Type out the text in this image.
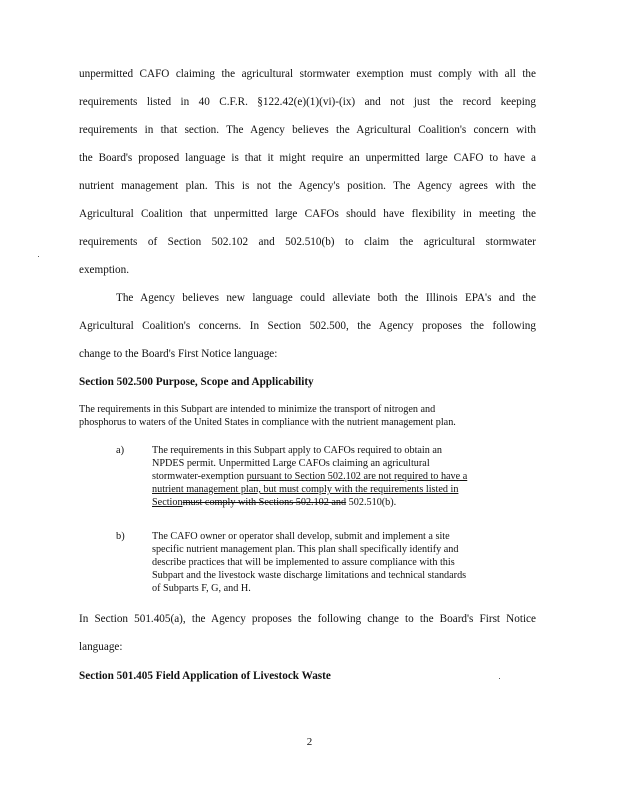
unpermitted CAFO claiming the agricultural stormwater exemption must comply with all the
requirements listed in 40 C.F.R. §122.42(e)(1)(vi)-(ix) and not just the record keeping
requirements in that section. The Agency believes the Agricultural Coalition's concern with
the Board's proposed language is that it might require an unpermitted large CAFO to have a
nutrient management plan. This is not the Agency's position. The Agency agrees with the
Agricultural Coalition that unpermitted large CAFOs should have flexibility in meeting the
requirements of Section 502.102 and 502.510(b) to claim the agricultural stormwater
exemption.
The Agency believes new language could alleviate both the Illinois EPA's and the
Agricultural Coalition's concerns. In Section 502.500, the Agency proposes the following
change to the Board's First Notice language:
Section 502.500 Purpose, Scope and Applicability
The requirements in this Subpart are intended to minimize the transport of nitrogen and
phosphorus to waters of the United States in compliance with the nutrient management plan.
a)	The requirements in this Subpart apply to CAFOs required to obtain an
NPDES permit. Unpermitted Large CAFOs claiming an agricultural
stormwater-exemption pursuant to Section 502.102 are not required to have a
nutrient management plan, but must comply with the requirements listed in
Sectionmust comply with Sections 502.102 and 502.510(b).
b)	The CAFO owner or operator shall develop, submit and implement a site
specific nutrient management plan. This plan shall specifically identify and
describe practices that will be implemented to assure compliance with this
Subpart and the livestock waste discharge limitations and technical standards
of Subparts F, G, and H.
In Section 501.405(a), the Agency proposes the following change to the Board's First Notice
language:
Section 501.405 Field Application of Livestock Waste
2
